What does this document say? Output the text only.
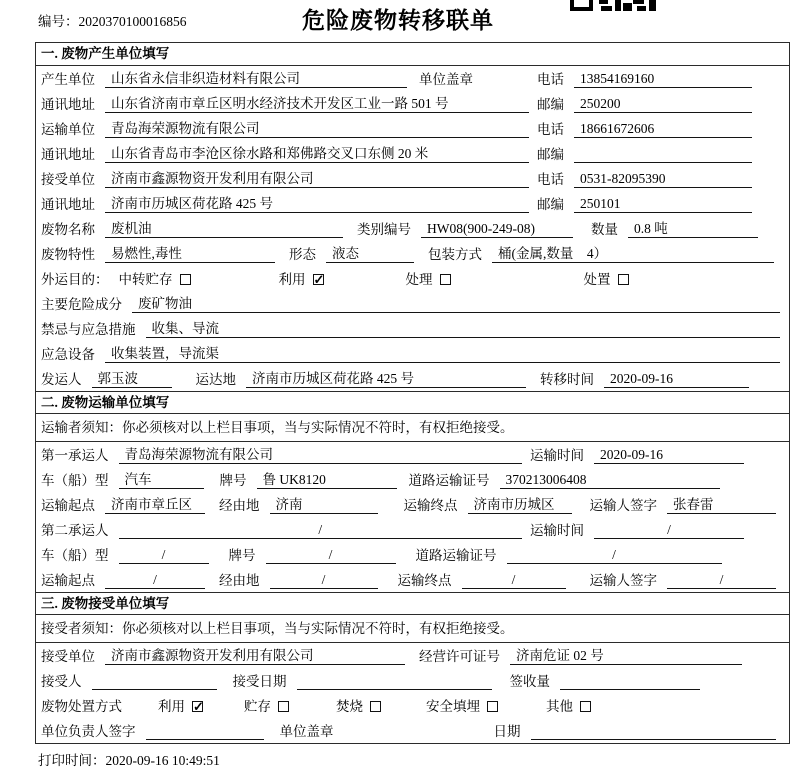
编号：2020370100016856	危险废物转移联单
一. 废物产生单位填写
产生单位	山东省永信非织造材料有限公司	单位盖章	电话	13854169160
通讯地址	山东省济南市章丘区明水经济技术开发区工业一路 501 号	邮编	250200
运输单位	青岛海荣源物流有限公司	电话	18661672606
通讯地址	山东省青岛市李沧区徐水路和郑佛路交叉口东侧 20 米	邮编
接受单位	济南市鑫源物资开发利用有限公司	电话	0531-82095390
通讯地址	济南市历城区荷花路 425 号	邮编	250101
废物名称	废机油	类别编号	HW08(900-249-08)	数量	0.8 吨
废物特性	易燃性,毒性	形态	液态	包装方式	桶(金属,数量　4）
外运目的： 中转贮存	利用 ✓	处理	处置
主要危险成分	废矿物油
禁忌与应急措施	收集、导流
应急设备	收集装置，导流渠
发运人	郭玉波	运达地	济南市历城区荷花路 425 号	转移时间	2020-09-16
二. 废物运输单位填写
运输者须知：你必须核对以上栏目事项，当与实际情况不符时，有权拒绝接受。
第一承运人	青岛海荣源物流有限公司	运输时间	2020-09-16
车（船）型	汽车	牌号	鲁 UK8120	道路运输证号	370213006408
运输起点	济南市章丘区	经由地	济南	运输终点	济南市历城区	运输人签字	张春雷
第二承运人	/	运输时间	/
车（船）型	/	牌号	/	道路运输证号	/
运输起点	/	经由地	/	运输终点	/	运输人签字	/
三. 废物接受单位填写
接受者须知：你必须核对以上栏目事项，当与实际情况不符时，有权拒绝接受。
接受单位	济南市鑫源物资开发利用有限公司	经营许可证号	济南危证 02 号
接受人	接受日期	签收量
废物处置方式	利用 ✓	贮存	焚烧	安全填埋	其他
单位负责人签字	单位盖章	日期
打印时间：2020-09-16 10:49:51
